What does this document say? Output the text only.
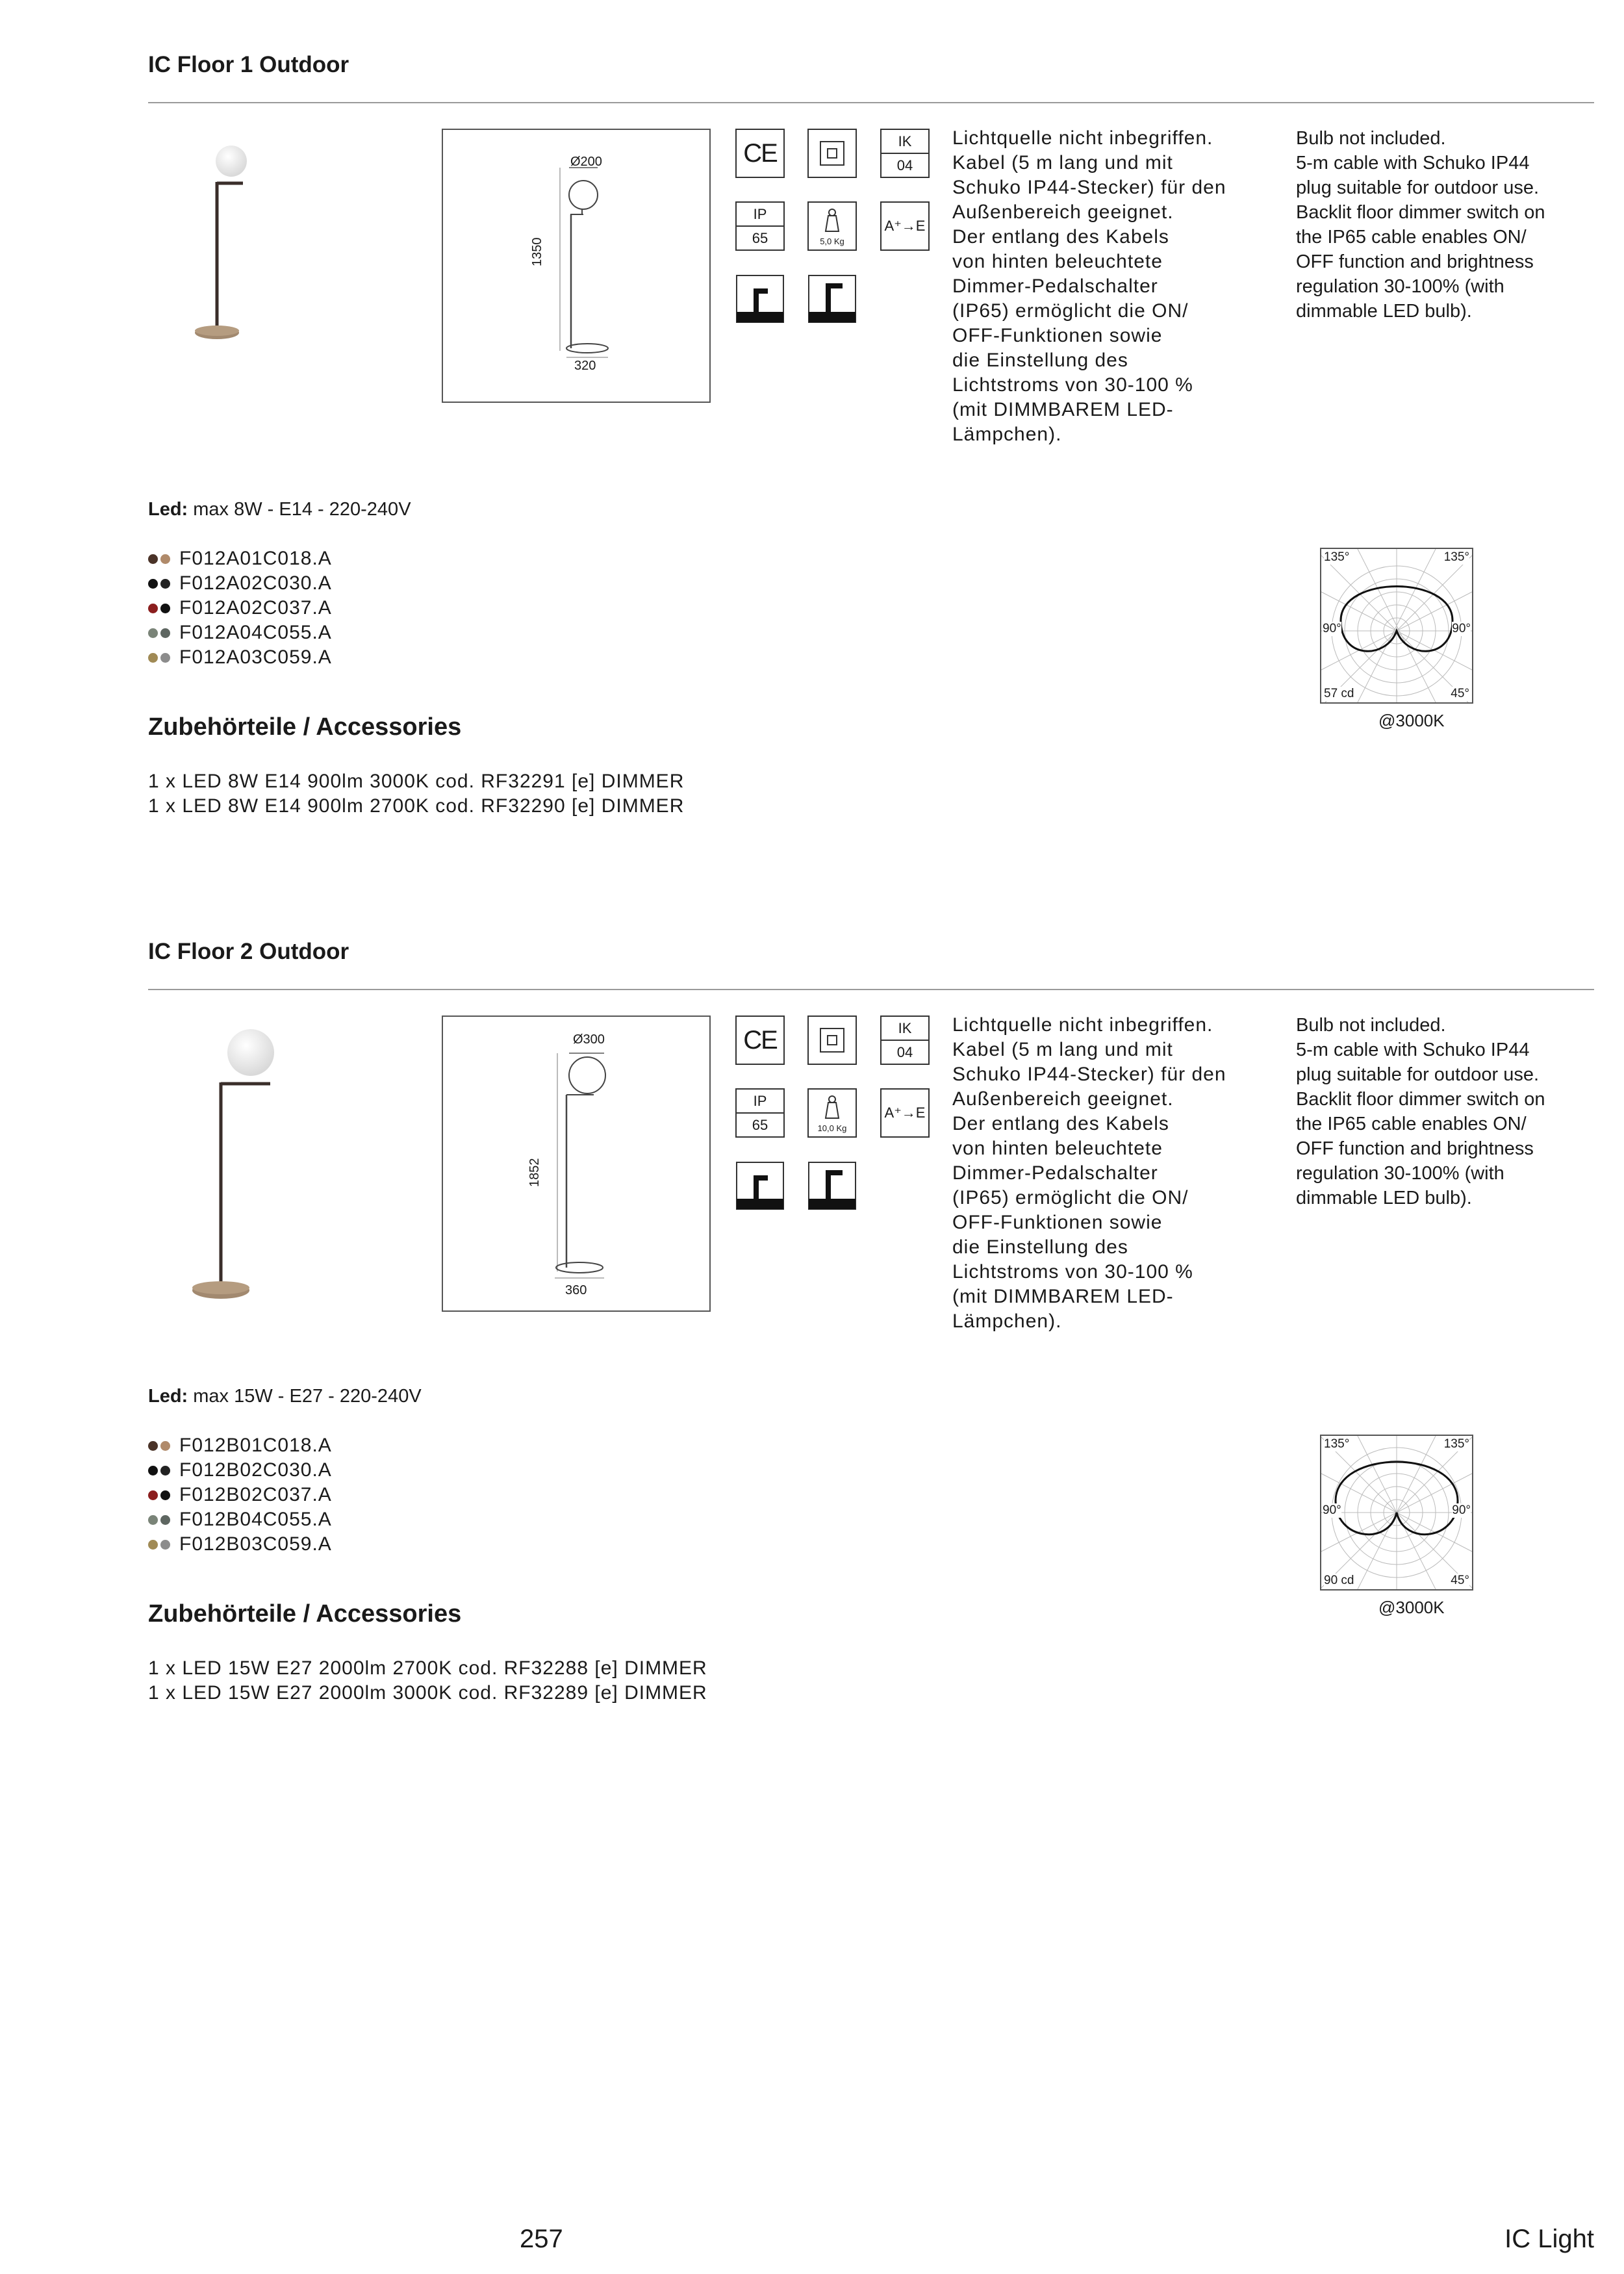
IC Floor 1 Outdoor
Ø200
1350
320
CE	IK
04
IP
65	5,0 Kg
A⁺→E
Lichtquelle nicht inbegriffen.
Kabel (5 m lang und mit
Schuko IP44-Stecker) für den
Außenbereich geeignet.
Der entlang des Kabels
von hinten beleuchtete
Dimmer-Pedalschalter
(IP65) ermöglicht die ON/
OFF-Funktionen sowie
die Einstellung des
Lichtstroms von 30-100 %
(mit DIMMBAREM LED-
Lämpchen).
Bulb not included.
5-m cable with Schuko IP44
plug suitable for outdoor use.
Backlit floor dimmer switch on
the IP65 cable enables ON/
OFF function and brightness
regulation 30-100% (with
dimmable LED bulb).
Led: max 8W - E14 - 220-240V
F012A01C018.A
F012A02C030.A
F012A02C037.A
F012A04C055.A
F012A03C059.A
135°	135°
90°	90°
57 cd	45°
@3000K
Zubehörteile / Accessories
1 x LED 8W E14 900lm 3000K cod. RF32291 [e] DIMMER
1 x LED 8W E14 900lm 2700K cod. RF32290 [e] DIMMER
IC Floor 2 Outdoor
Ø300
1852
360
CE	IK
04
IP
65	10,0 Kg
A⁺→E
Lichtquelle nicht inbegriffen.
Kabel (5 m lang und mit
Schuko IP44-Stecker) für den
Außenbereich geeignet.
Der entlang des Kabels
von hinten beleuchtete
Dimmer-Pedalschalter
(IP65) ermöglicht die ON/
OFF-Funktionen sowie
die Einstellung des
Lichtstroms von 30-100 %
(mit DIMMBAREM LED-
Lämpchen).
Bulb not included.
5-m cable with Schuko IP44
plug suitable for outdoor use.
Backlit floor dimmer switch on
the IP65 cable enables ON/
OFF function and brightness
regulation 30-100% (with
dimmable LED bulb).
Led: max 15W - E27 - 220-240V
F012B01C018.A
F012B02C030.A
F012B02C037.A
F012B04C055.A
F012B03C059.A
135°	135°
90°	90°
90 cd	45°
@3000K
Zubehörteile / Accessories
1 x LED 15W E27 2000lm 2700K cod. RF32288 [e] DIMMER
1 x LED 15W E27 2000lm 3000K cod. RF32289 [e] DIMMER
257	IC Light
